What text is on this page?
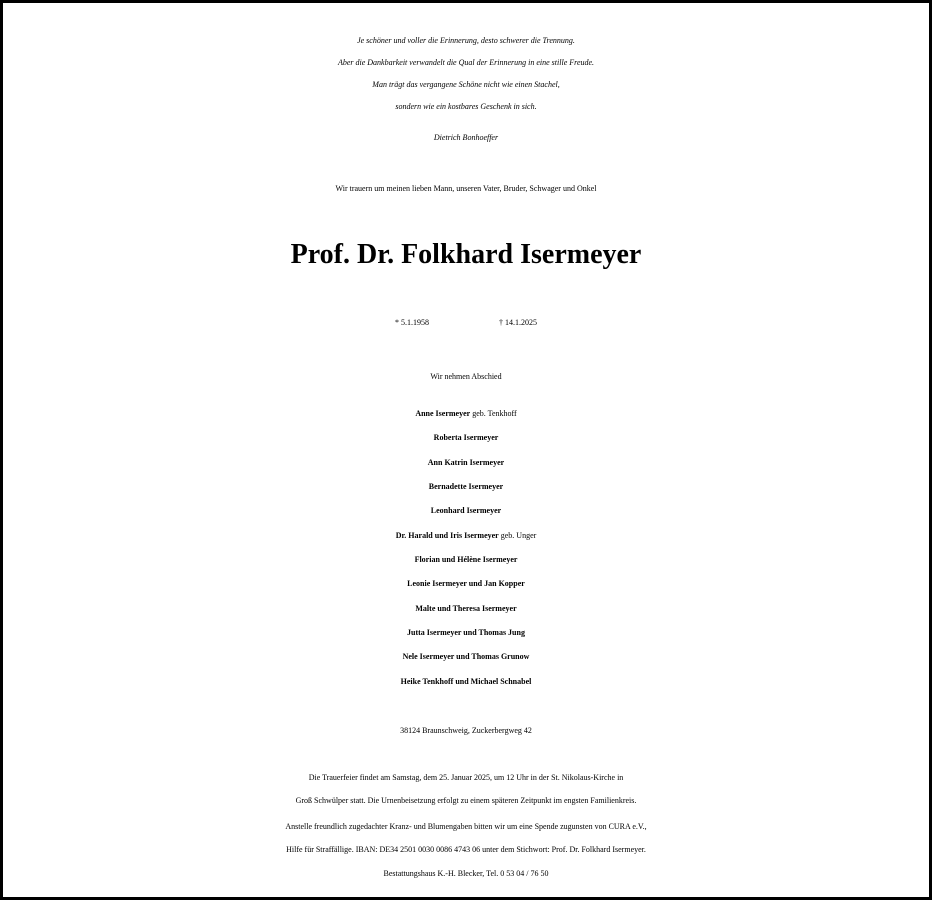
Je schöner und voller die Erinnerung, desto schwerer die Trennung.
Aber die Dankbarkeit verwandelt die Qual der Erinnerung in eine stille Freude.
Man trägt das vergangene Schöne nicht wie einen Stachel,
sondern wie ein kostbares Geschenk in sich.
Dietrich Bonhoeffer
Wir trauern um meinen lieben Mann, unseren Vater, Bruder, Schwager und Onkel
Prof. Dr. Folkhard Isermeyer
* 5.1.1958	† 14.1.2025
Wir nehmen Abschied
Anne Isermeyer geb. Tenkhoff
Roberta Isermeyer
Ann Katrin Isermeyer
Bernadette Isermeyer
Leonhard Isermeyer
Dr. Harald und Iris Isermeyer geb. Unger
Florian und Hélène Isermeyer
Leonie Isermeyer und Jan Kopper
Malte und Theresa Isermeyer
Jutta Isermeyer und Thomas Jung
Nele Isermeyer und Thomas Grunow
Heike Tenkhoff und Michael Schnabel
38124 Braunschweig, Zuckerbergweg 42
Die Trauerfeier findet am Samstag, dem 25. Januar 2025, um 12 Uhr in der St. Nikolaus-Kirche in
Groß Schwülper statt. Die Urnenbeisetzung erfolgt zu einem späteren Zeitpunkt im engsten Familienkreis.
Anstelle freundlich zugedachter Kranz- und Blumengaben bitten wir um eine Spende zugunsten von CURA e.V.,
Hilfe für Straffällige. IBAN: DE34 2501 0030 0086 4743 06 unter dem Stichwort: Prof. Dr. Folkhard Isermeyer.
Bestattungshaus K.-H. Blecker, Tel. 0 53 04 / 76 50
